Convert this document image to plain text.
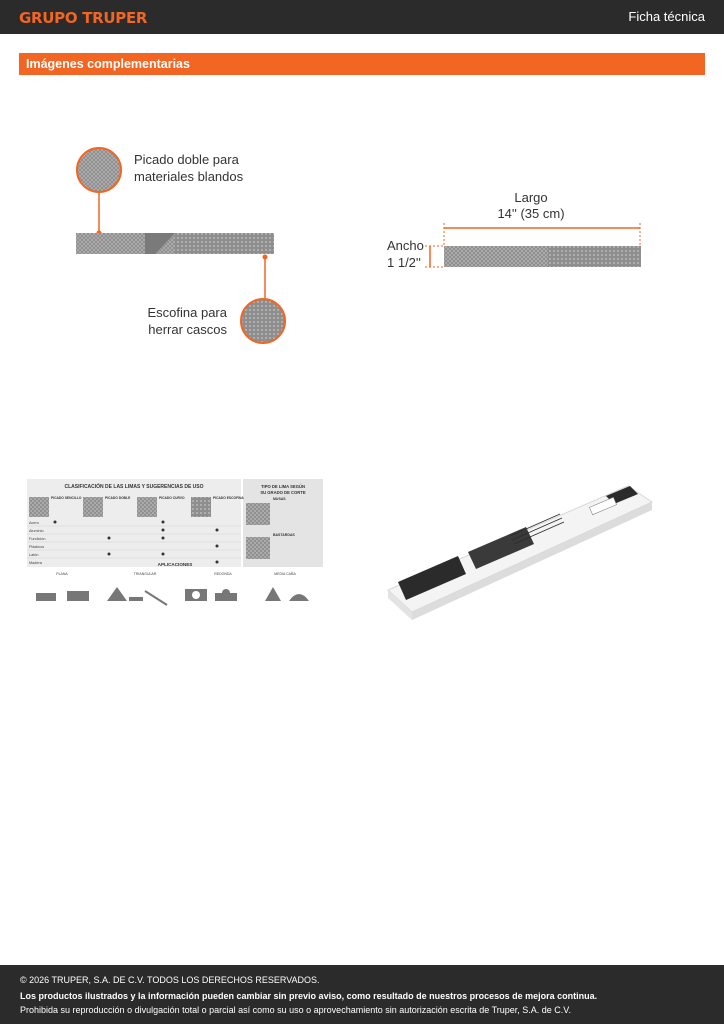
GRUPO TRUPER	Ficha técnica
Imágenes complementarias
Picado doble para
materiales blandos
Escofina para
herrar cascos
Largo
14'' (35 cm)
Ancho
1 1/2''
CLASIFICACIÓN DE LAS LIMAS Y SUGERENCIAS DE USO	TIPO DE LIMA SEGÚN
SU GRADO DE CORTE
PICADO SENCILLO	PICADO DOBLE	PICADO CURVO	PICADO ESCOFINA
Acero
Aluminio
Fundición
Plásticos
Latón
Madera
MUSAS
BASTARDAS
APLICACIONES
PLANA	TRIANGULAR	REDONDA	MEDIA CAÑA
© 2026 TRUPER, S.A. DE C.V. TODOS LOS DERECHOS RESERVADOS.
Los productos ilustrados y la información pueden cambiar sin previo aviso, como resultado de nuestros procesos de mejora continua.
Prohibida su reproducción o divulgación total o parcial así como su uso o aprovechamiento sin autorización escrita de Truper, S.A. de C.V.
